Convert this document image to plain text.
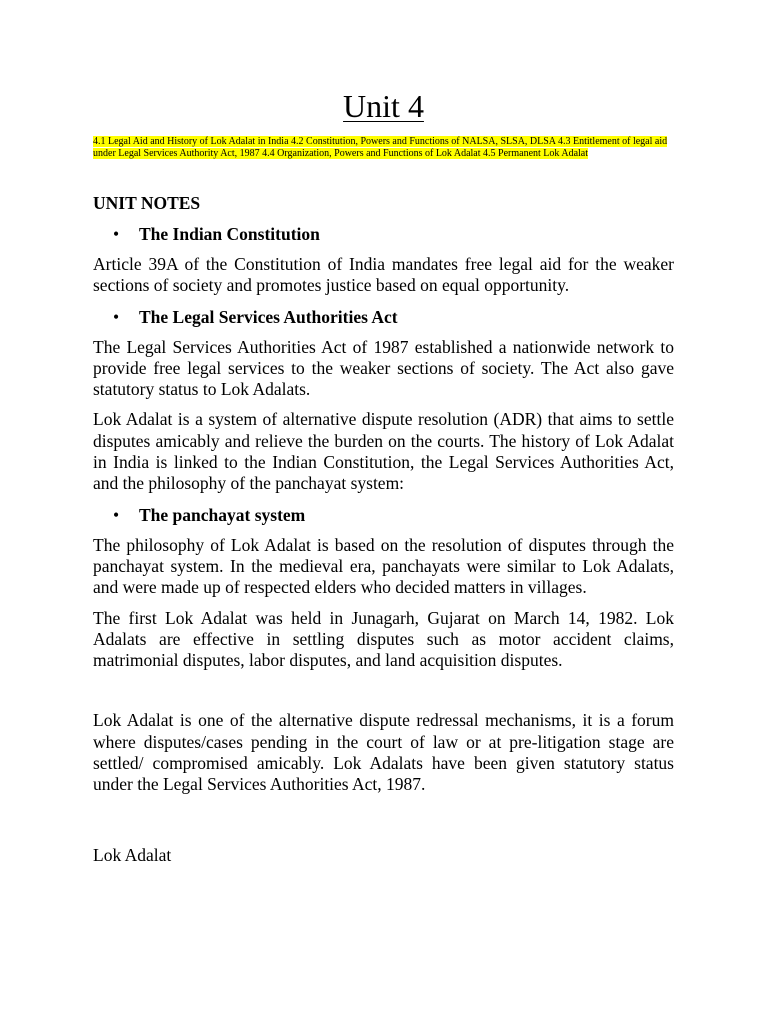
Unit 4
4.1 Legal Aid and History of Lok Adalat in India 4.2 Constitution, Powers and Functions of NALSA, SLSA, DLSA 4.3 Entitlement of legal aid under Legal Services Authority Act, 1987 4.4 Organization, Powers and Functions of Lok Adalat 4.5 Permanent Lok Adalat
UNIT NOTES
• The Indian Constitution

Article 39A of the Constitution of India mandates free legal aid for the weaker sections of society and promotes justice based on equal opportunity.

• The Legal Services Authorities Act

The Legal Services Authorities Act of 1987 established a nationwide network to provide free legal services to the weaker sections of society. The Act also gave statutory status to Lok Adalats.

Lok Adalat is a system of alternative dispute resolution (ADR) that aims to settle disputes amicably and relieve the burden on the courts. The history of Lok Adalat in India is linked to the Indian Constitution, the Legal Services Authorities Act, and the philosophy of the panchayat system:

• The panchayat system

The philosophy of Lok Adalat is based on the resolution of disputes through the panchayat system. In the medieval era, panchayats were similar to Lok Adalats, and were made up of respected elders who decided matters in villages.

The first Lok Adalat was held in Junagarh, Gujarat on March 14, 1982. Lok Adalats are effective in settling disputes such as motor accident claims, matrimonial disputes, labor disputes, and land acquisition disputes.

Lok Adalat is one of the alternative dispute redressal mechanisms, it is a forum where disputes/cases pending in the court of law or at pre-litigation stage are settled/ compromised amicably. Lok Adalats have been given statutory status under the Legal Services Authorities Act, 1987.

Lok Adalat
